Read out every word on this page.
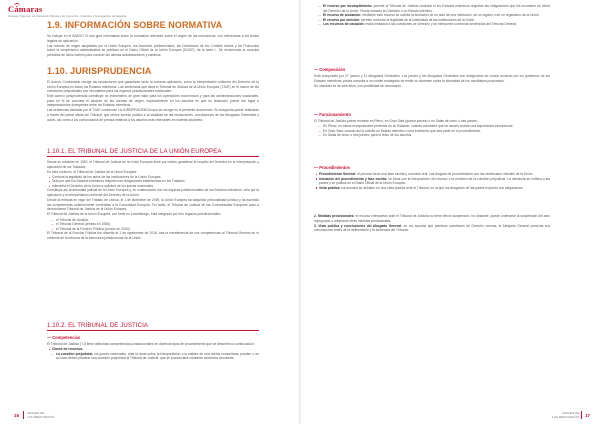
Cámaras
Consejo Superior de Cámaras Oficiales de Comercio, Industria y Navegación de España
1.9. INFORMACIÓN SOBRE NORMATIVA

Se incluye en el ANEXO III una guía informativa sobre la normativa relevante sobre el origen de las mercancías, con referencias a los textos legales de aplicación.

Las normas de origen adoptadas por la Unión Europea, los Acuerdos preferenciales, las Decisiones de los Comités mixtos y los Protocolos sobre la cooperación administrativa se publican en el Diario Oficial de la Unión Europea (DOUE), de la serie L. Se recomienda la consulta periódica de dicho boletín para conocer las últimas actualizaciones y cambios.

1.10. JURISPRUDENCIA

El Acervo Comunitario recoge las resoluciones que garantizan tanto la correcta aplicación, como la interpretación uniforme del Derecho de la Unión Europea en todos los Estados miembros. Las sentencias que dicta el Tribunal de Justicia de la Unión Europea (TJUE) en el marco de las cuestiones prejudiciales son vinculantes para los órganos jurisdiccionales nacionales.

Este acervo jurisprudencial constituye un instrumento de gran valor para los operadores económicos y para las administraciones nacionales, pues en él se concreta el alcance de las normas de origen, especialmente en los asuntos en que su redacción puede dar lugar a interpretaciones divergentes entre los Estados miembros.

Las sentencias dictadas por el TJUE conforman LA JURISPRUDENCIA que se recoge en el presente documento. Su búsqueda puede realizarse a través del portal oficial del Tribunal, que ofrece acceso público a la totalidad de las resoluciones, conclusiones de los Abogados Generales y autos, así como a los comunicados de prensa relativos a los asuntos más relevantes en materia aduanera.

1.10.1. EL TRIBUNAL DE JUSTICIA DE LA UNIÓN EUROPEA

Desde su creación en 1952, el Tribunal de Justicia de la Unión Europea tiene por misión garantizar el respeto del Derecho en la interpretación y aplicación de los Tratados.

En este contexto, el Tribunal de Justicia de la Unión Europea:

Controla la legalidad de los actos de las instituciones de la Unión Europea.
Vela por que los Estados miembros respeten las obligaciones establecidas en los Tratados.
Interpreta el Derecho de la Unión a solicitud de los jueces nacionales.

Constituye así la autoridad judicial de la Unión Europea y, en colaboración con los órganos jurisdiccionales de los Estados miembros, vela por la aplicación y la interpretación uniforme del Derecho de la Unión.

Desde la entrada en vigor del Tratado de Lisboa, el 1 de diciembre de 2009, la Unión Europea ha adquirido personalidad jurídica y ha asumido las competencias anteriormente conferidas a la Comunidad Europea. Por tanto, el Tribunal de Justicia de las Comunidades Europeas pasó a denominarse Tribunal de Justicia de la Unión Europea.

El Tribunal de Justicia de la Unión Europea, con sede en Luxemburgo, está integrado por tres órganos jurisdiccionales:

— el Tribunal de Justicia,
— el Tribunal General (creado en 1988),
— el Tribunal de la Función Pública (creado en 2004).

El Tribunal de la Función Pública fue disuelto el 1 de septiembre de 2016, tras la transferencia de sus competencias al Tribunal General en el contexto de la reforma de la estructura jurisdiccional de la Unión.

1.10.2. EL TRIBUNAL DE JUSTICIA
— Competencias

El Tribunal de Justicia (TJ) tiene atribuidas competencias jurisdiccionales en diversos tipos de procedimiento que se describen a continuación:

Clases de recursos:
— La cuestión prejudicial: los jueces nacionales, ante la duda sobre la interpretación o la validez de una norma comunitaria, pueden o en su caso deben plantear una cuestión prejudicial al Tribunal de Justicia, que se pronunciará mediante sentencia vinculante.
16	ORIGEN DE
LAS MERCANCÍAS
— El recurso por incumplimiento: permite al Tribunal de Justicia controlar si los Estados miembros respetan las obligaciones que les incumben en virtud del Derecho de la Unión. Puede iniciarlo la Comisión o un Estado miembro.
— El recurso de anulación: mediante este recurso se solicita la anulación de un acto de una institución, de un órgano o de un organismo de la Unión.
— El recurso por omisión: permite controlar la legalidad de la inactividad de las instituciones de la Unión.
— Los recursos de casación: están limitados a las cuestiones de Derecho y se interponen contra las sentencias del Tribunal General.
— Composición

Está compuesto por 27 jueces y 11 Abogados Generales. Los jueces y los Abogados Generales son designados de común acuerdo por los gobiernos de los Estados miembros, previa consulta a un comité encargado de emitir un dictamen sobre la idoneidad de los candidatos propuestos.

Su mandato es de seis años, con posibilidad de renovación.

— Funcionamiento

El Tribunal de Justicia puede reunirse en Pleno, en Gran Sala (quince jueces) o en Salas de cinco o tres jueces.

— En Pleno: en casos excepcionales previstos en su Estatuto, cuando considere que un asunto reviste una importancia excepcional.
— En Gran Sala: cuando así lo solicite un Estado miembro o una institución que sea parte en el procedimiento.
— En Salas de cinco o tres jueces: para el resto de los asuntos.
— Procedimientos
Procedimiento General: el proceso tiene una fase escrita y una fase oral. Las lenguas de procedimiento son las veinticuatro oficiales de la Unión.
Iniciación del procedimiento y fase escrita: se inicia con la interposición del recurso o la remisión de la cuestión prejudicial. La demanda se notifica a las partes y se publica en el Diario Oficial de la Unión Europea.
Vista pública: los asuntos se debaten en una vista pública ante el Tribunal, en la que los abogados de las partes exponen sus alegaciones.

2. Medidas provisionales: el recurso interpuesto ante el Tribunal de Justicia no tiene efecto suspensivo; no obstante, puede ordenarse la suspensión del acto impugnado o adoptarse otras medidas provisionales.

3. Vista pública y conclusiones del Abogado General: en los asuntos que plantean cuestiones de Derecho nuevas, el Abogado General presenta sus conclusiones antes de la deliberación y la sentencia del Tribunal.

ORIGEN DE
LAS MERCANCÍAS 17
